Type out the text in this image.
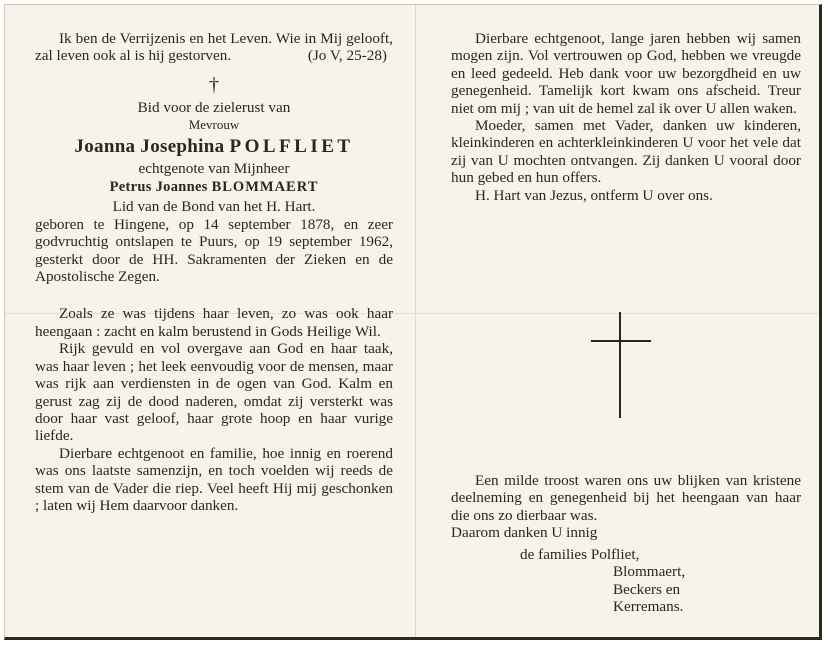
Ik ben de Verrijzenis en het Leven. Wie in Mij gelooft, zal leven ook al is hij gestorven.	(Jo V, 25-28)

†

Bid voor de zielerust van

Mevrouw

Joanna Josephina POLFLIET

echtgenote van Mijnheer

Petrus Joannes BLOMMAERT

Lid van de Bond van het H. Hart.

geboren te Hingene, op 14 september 1878, en zeer godvruchtig ontslapen te Puurs, op 19 september 1962, gesterkt door de HH. Sakramenten der Zieken en de Apostolische Zegen.

Zoals ze was tijdens haar leven, zo was ook haar heengaan : zacht en kalm berustend in Gods Heilige Wil.

Rijk gevuld en vol overgave aan God en haar taak, was haar leven ; het leek eenvoudig voor de mensen, maar was rijk aan verdiensten in de ogen van God. Kalm en gerust zag zij de dood naderen, omdat zij versterkt was door haar vast geloof, haar grote hoop en haar vurige liefde.

Dierbare echtgenoot en familie, hoe innig en roerend was ons laatste samenzijn, en toch voelden wij reeds de stem van de Vader die riep. Veel heeft Hij mij geschonken ; laten wij Hem daarvoor danken.

Dierbare echtgenoot, lange jaren hebben wij samen mogen zijn. Vol vertrouwen op God, hebben we vreugde en leed gedeeld. Heb dank voor uw bezorgdheid en uw genegenheid. Tamelijk kort kwam ons afscheid. Treur niet om mij ; van uit de hemel zal ik over U allen waken.

Moeder, samen met Vader, danken uw kinderen, kleinkinderen en achterkleinkinderen U voor het vele dat zij van U mochten ontvangen. Zij danken U vooral door hun gebed en hun offers.

H. Hart van Jezus, ontferm U over ons.

Een milde troost waren ons uw blijken van kristene deelneming en genegenheid bij het heengaan van haar die ons zo dierbaar was.

Daarom danken U innig

de families Polfliet,
Blommaert,
Beckers en
Kerremans.
